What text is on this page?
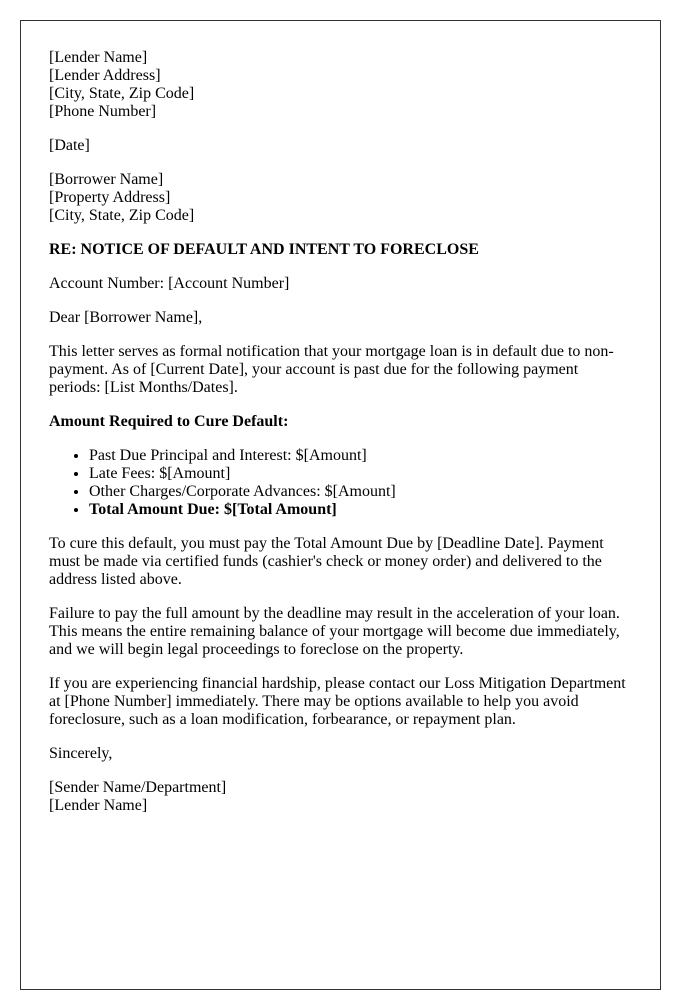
[Lender Name]
[Lender Address]
[City, State, Zip Code]
[Phone Number]

[Date]

[Borrower Name]
[Property Address]
[City, State, Zip Code]

RE: NOTICE OF DEFAULT AND INTENT TO FORECLOSE

Account Number: [Account Number]

Dear [Borrower Name],

This letter serves as formal notification that your mortgage loan is in default due to non-payment. As of [Current Date], your account is past due for the following payment periods: [List Months/Dates].

Amount Required to Cure Default:

• Past Due Principal and Interest: $[Amount]
• Late Fees: $[Amount]
• Other Charges/Corporate Advances: $[Amount]
• Total Amount Due: $[Total Amount]

To cure this default, you must pay the Total Amount Due by [Deadline Date]. Payment must be made via certified funds (cashier's check or money order) and delivered to the address listed above.

Failure to pay the full amount by the deadline may result in the acceleration of your loan. This means the entire remaining balance of your mortgage will become due immediately, and we will begin legal proceedings to foreclose on the property.

If you are experiencing financial hardship, please contact our Loss Mitigation Department at [Phone Number] immediately. There may be options available to help you avoid foreclosure, such as a loan modification, forbearance, or repayment plan.

Sincerely,

[Sender Name/Department]
[Lender Name]
